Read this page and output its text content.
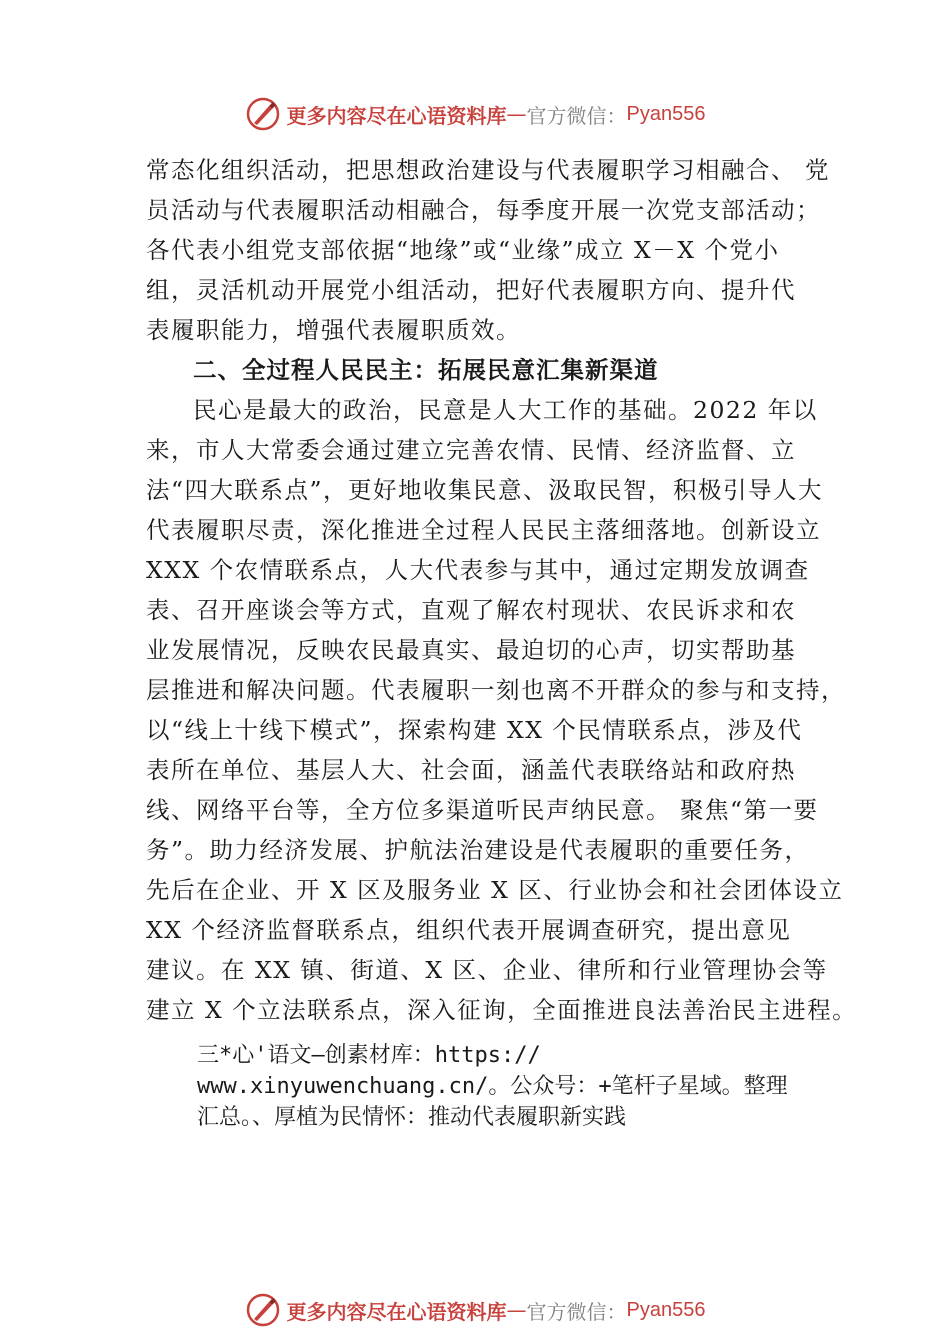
更多内容尽在心语资料库 — 官方微信： Pyan556

常态化组织活动，把思想政治建设与代表履职学习相融合、 党
员活动与代表履职活动相融合，每季度开展一次党支部活动；
各代表小组党支部依据“地缘”或“业缘”成立 X－X 个党小
组，灵活机动开展党小组活动，把好代表履职方向、提升代
表履职能力，增强代表履职质效。

二、全过程人民民主：拓展民意汇集新渠道

民心是最大的政治，民意是人大工作的基础。2022 年以
来，市人大常委会通过建立完善农情、民情、经济监督、立
法“四大联系点”，更好地收集民意、汲取民智，积极引导人大
代表履职尽责，深化推进全过程人民民主落细落地。创新设立
XXX 个农情联系点，人大代表参与其中，通过定期发放调查
表、召开座谈会等方式，直观了解农村现状、农民诉求和农
业发展情况，反映农民最真实、最迫切的心声，切实帮助基
层推进和解决问题。代表履职一刻也离不开群众的参与和支持，
以“线上十线下模式”，探索构建 XX 个民情联系点，涉及代
表所在单位、基层人大、社会面，涵盖代表联络站和政府热
线、网络平台等，全方位多渠道听民声纳民意。 聚焦“第一要
务”。助力经济发展、护航法治建设是代表履职的重要任务，
先后在企业、开 X 区及服务业 X 区、行业协会和社会团体设立
XX 个经济监督联系点，组织代表开展调查研究，提出意见
建议。在 XX 镇、街道、X 区、企业、律所和行业管理协会等
建立 X 个立法联系点，深入征询，全面推进良法善治民主进程。

三*心'语文—创素材库：https://
www.xinyuwenchuang.cn/。公众号：+笔杆子星域。整理
汇总。、厚植为民情怀：推动代表履职新实践
更多内容尽在心语资料库 — 官方微信： Pyan556
